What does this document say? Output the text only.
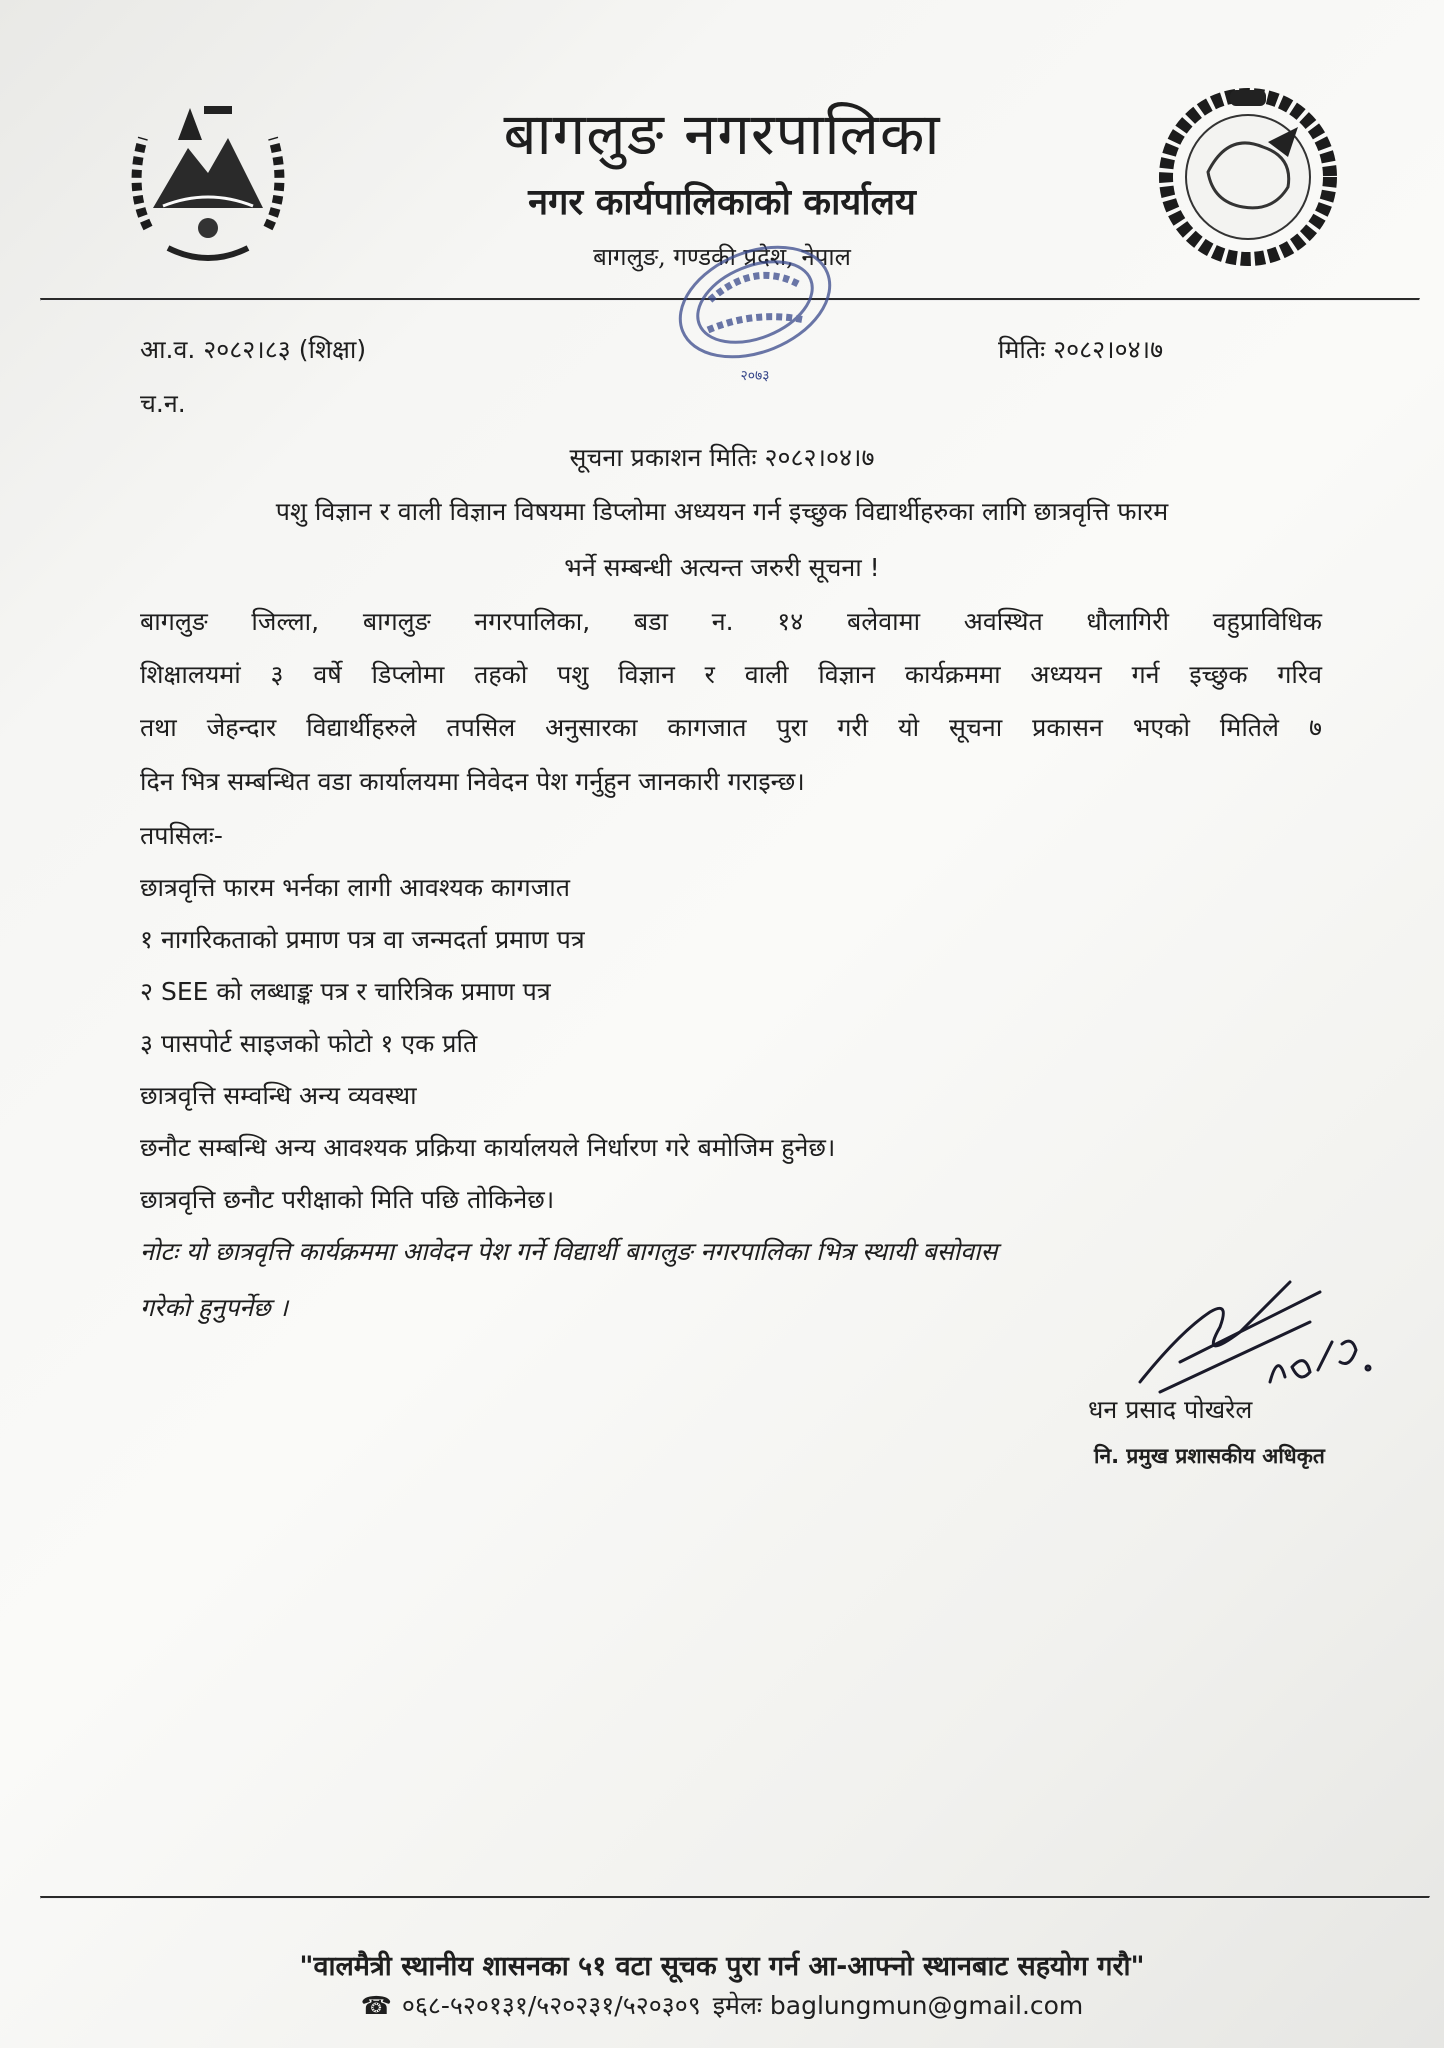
बागलुङ नगरपालिका
नगर कार्यपालिकाको कार्यालय
बागलुङ, गण्डकी प्रदेश, नेपाल
२०७३
आ.व. २०८२।८३ (शिक्षा)	मितिः २०८२।०४।७
च.न.
सूचना प्रकाशन मितिः २०८२।०४।७
पशु विज्ञान र वाली विज्ञान विषयमा डिप्लोमा अध्ययन गर्न इच्छुक विद्यार्थीहरुका लागि छात्रवृत्ति फारम
भर्ने सम्बन्धी अत्यन्त जरुरी सूचना !
बागलुङ जिल्ला, बागलुङ नगरपालिका, बडा न. १४ बलेवामा अवस्थित धौलागिरी वहुप्राविधिक
शिक्षालयमां ३ वर्षे डिप्लोमा तहको पशु विज्ञान र वाली विज्ञान कार्यक्रममा अध्ययन गर्न इच्छुक गरिव
तथा जेहन्दार विद्यार्थीहरुले तपसिल अनुसारका कागजात पुरा गरी यो सूचना प्रकासन भएको मितिले ७
दिन भित्र सम्बन्धित वडा कार्यालयमा निवेदन पेश गर्नुहुन जानकारी गराइन्छ।
तपसिलः-
छात्रवृत्ति फारम भर्नका लागी आवश्यक कागजात
१ नागरिकताको प्रमाण पत्र वा जन्मदर्ता प्रमाण पत्र
२ SEE को लब्धाङ्क पत्र र चारित्रिक प्रमाण पत्र
३ पासपोर्ट साइजको फोटो १ एक प्रति
छात्रवृत्ति सम्वन्धि अन्य व्यवस्था
छनौट सम्बन्धि अन्य आवश्यक प्रक्रिया कार्यालयले निर्धारण गरे बमोजिम हुनेछ।
छात्रवृत्ति छनौट परीक्षाको मिति पछि तोकिनेछ।
नोटः यो छात्रवृत्ति कार्यक्रममा आवेदन पेश गर्ने विद्यार्थी बागलुङ नगरपालिका भित्र स्थायी बसोवास
गरेको हुनुपर्नेछ ।
धन प्रसाद पोखरेल
नि. प्रमुख प्रशासकीय अधिकृत
"वालमैत्री स्थानीय शासनका ५१ वटा सूचक पुरा गर्न आ-आफ्नो स्थानबाट सहयोग गरौ"
☎ ०६८-५२०१३१/५२०२३१/५२०३०९ इमेलः baglungmun@gmail.com
